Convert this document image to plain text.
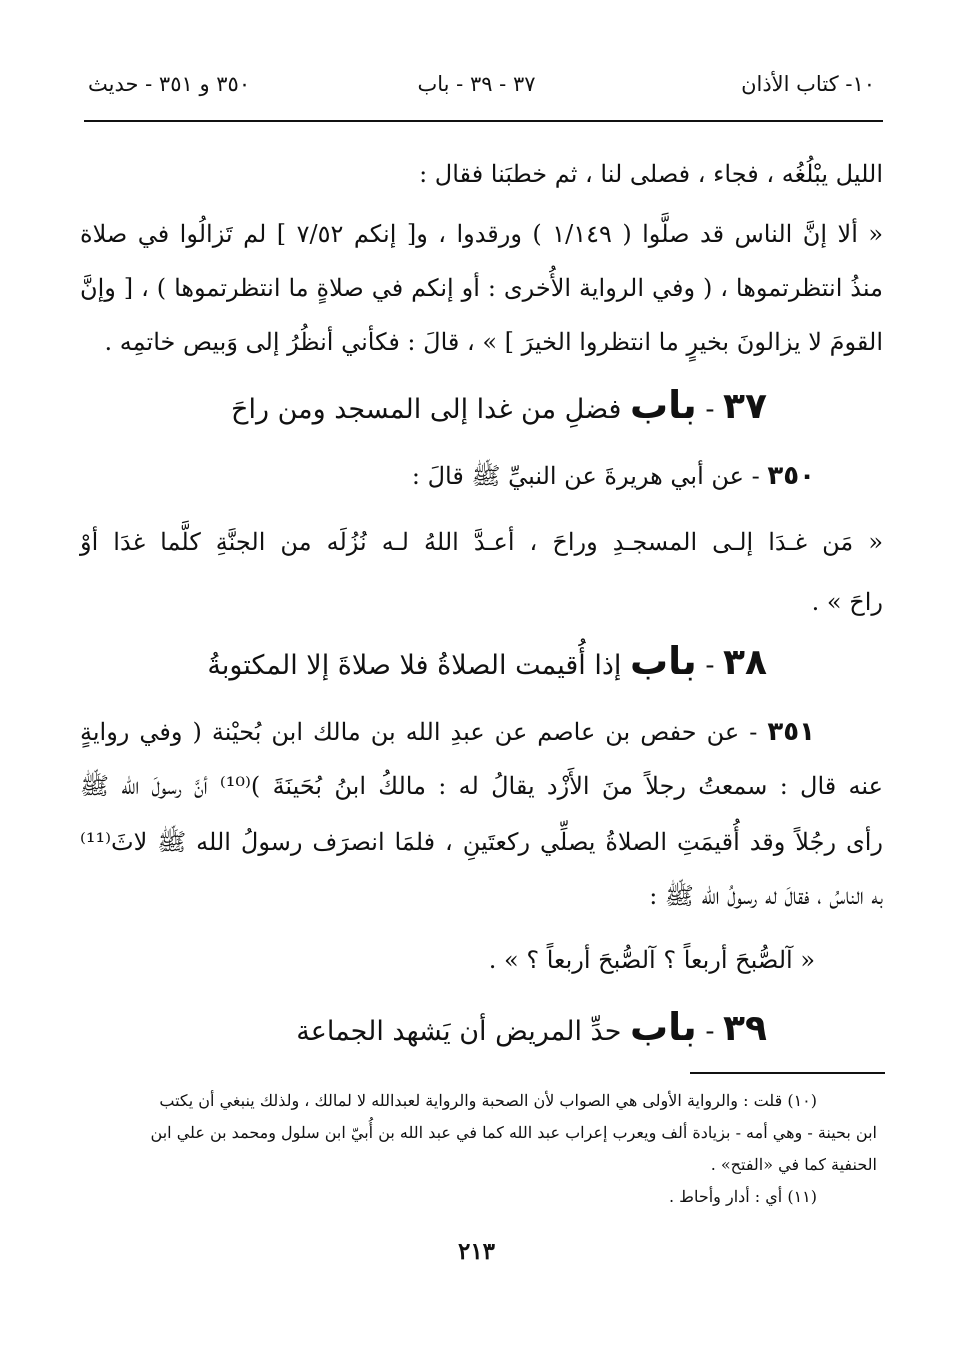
١٠- كتاب الأذان
٣٧ - ٣٩ - باب
٣٥٠ و ٣٥١ - حديث
الليل يبْلُغُه ، فجاء ، فصلى لنا ، ثم خطبَنا فقال :
« ألا إنَّ الناس قد صلَّوا ( ١/١٤٩ ) ورقدوا ، و[ إنكم ٧/٥٢ ] لم تَزالُوا في صلاة
منذُ انتظرتموها ، ( وفي الرواية الأُخرى : أو إنكم في صلاةٍ ما انتظرتموها ) ، [ وإنَّ
القومَ لا يزالونَ بخيرٍ ما انتظروا الخيرَ ] » ، قالَ : فكأني أنظُرُ إلى وَبيص خاتمِه .
٣٧ - باب فضلِ من غدا إلى المسجد ومن راحَ
٣٥٠ - عن أبي هريرةَ عن النبيِّ ﷺ قالَ :
« مَن غـدَا إلـى المسجـدِ وراحَ ، أعـدَّ اللهُ لـه نُزُلَه من الجنَّةِ كلَّما غدَا أوْ
راحَ » .
٣٨ - باب إذا أُقيمت الصلاةُ فلا صلاةَ إلا المكتوبةُ
٣٥١ - عن حفص بن عاصم عن عبدِ الله بن مالك ابن بُحيْنة ( وفي روايةٍ
عنه قال : سمعتُ رجلاً منَ الأَزْد يقالُ له : مالكُ ابنُ بُحَينَةَ )⁽¹⁰⁾ أنَّ رسولَ الله ﷺ
رأى رجُلاً وقد أُقيمَتِ الصلاةُ يصلِّي ركعتَينِ ، فلمَا انصرَف رسولُ الله ﷺ لاثَ⁽¹¹⁾
به الناسُ ، فقالَ له رسولُ الله ﷺ :
« آلصُّبحَ أربعاً ؟ آلصُّبحَ أربعاً ؟ » .
٣٩ - باب حدِّ المريض أن يَشهد الجماعة
(١٠) قلت : والرواية الأولى هي الصواب لأن الصحبة والرواية لعبدالله لا لمالك ، ولذلك ينبغي أن يكتب
ابن بحينة - وهي أمه - بزيادة ألف ويعرب إعراب عبد الله كما في عبد الله بن أُبيّ ابن سلول ومحمد بن علي ابن
الحنفية كما في «الفتح» .
(١١) أي : أدار وأحاط .
٢١٣
